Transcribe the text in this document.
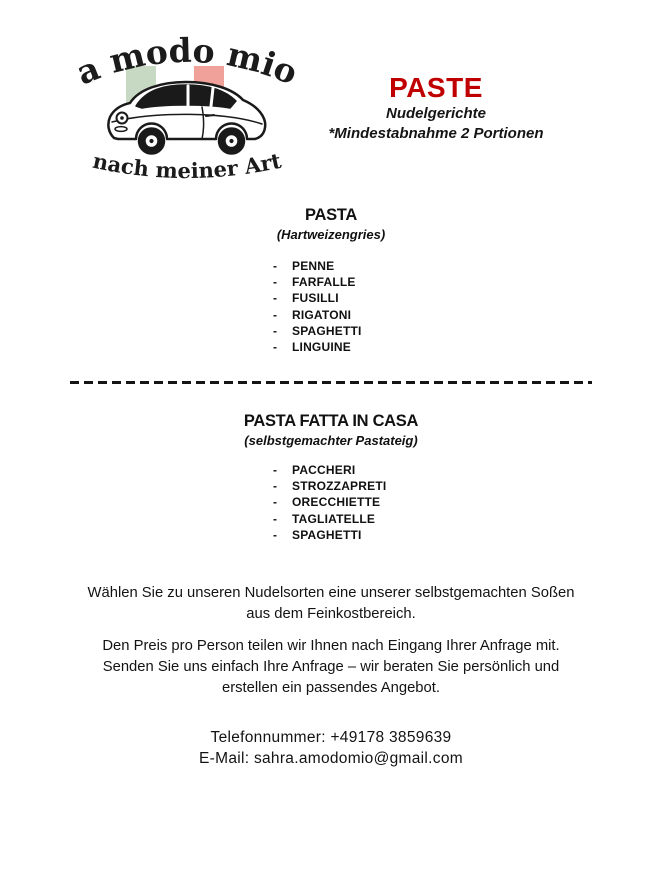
a modo mio
nach meiner Art
PASTE
Nudelgerichte
*Mindestabnahme 2 Portionen
PASTA
(Hartweizengries)
-	PENNE
-	FARFALLE
-	FUSILLI
-	RIGATONI
-	SPAGHETTI
-	LINGUINE
PASTA FATTA IN CASA
(selbstgemachter Pastateig)
-	PACCHERI
-	STROZZAPRETI
-	ORECCHIETTE
-	TAGLIATELLE
-	SPAGHETTI
Wählen Sie zu unseren Nudelsorten eine unserer selbstgemachten Soßen
aus dem Feinkostbereich.
Den Preis pro Person teilen wir Ihnen nach Eingang Ihrer Anfrage mit.
Senden Sie uns einfach Ihre Anfrage – wir beraten Sie persönlich und
erstellen ein passendes Angebot.
Telefonnummer: +49178 3859639
E-Mail: sahra.amodomio@gmail.com
